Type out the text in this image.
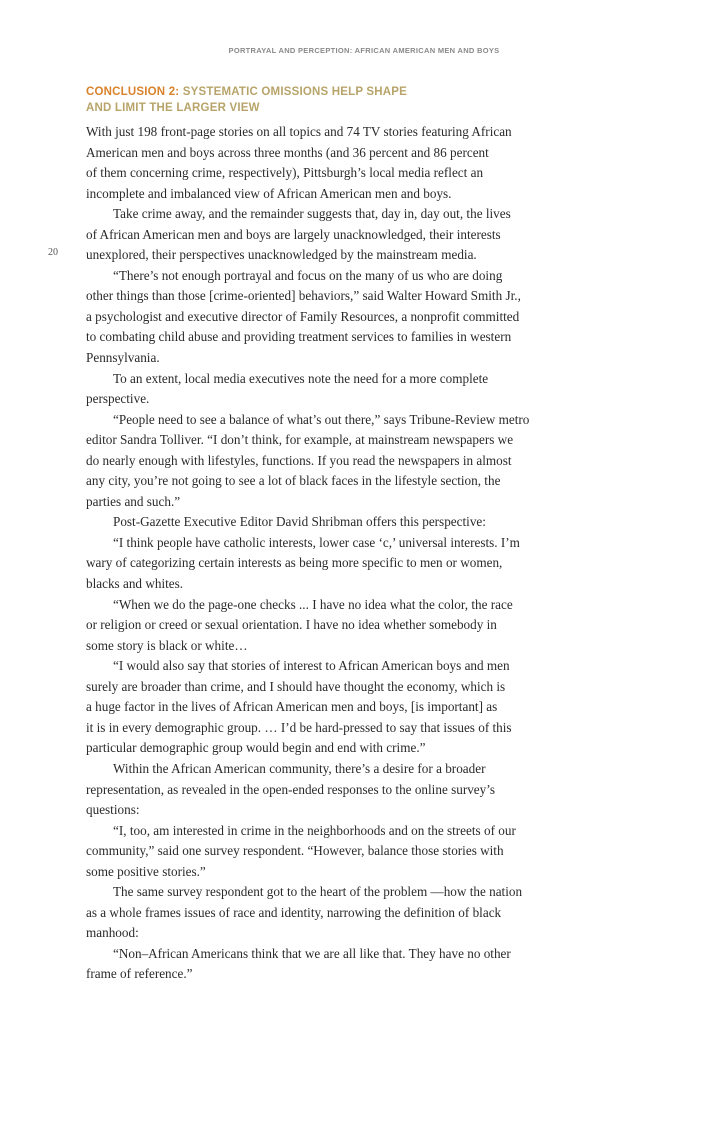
PORTRAYAL AND PERCEPTION: AFRICAN AMERICAN MEN AND BOYS
CONCLUSION 2: SYSTEMATIC OMISSIONS HELP SHAPE
AND LIMIT THE LARGER VIEW
20
With just 198 front-page stories on all topics and 74 TV stories featuring African
American men and boys across three months (and 36 percent and 86 percent
of them concerning crime, respectively), Pittsburgh’s local media reflect an
incomplete and imbalanced view of African American men and boys.
Take crime away, and the remainder suggests that, day in, day out, the lives
of African American men and boys are largely unacknowledged, their interests
unexplored, their perspectives unacknowledged by the mainstream media.
“There’s not enough portrayal and focus on the many of us who are doing
other things than those [crime-oriented] behaviors,” said Walter Howard Smith Jr.,
a psychologist and executive director of Family Resources, a nonprofit committed
to combating child abuse and providing treatment services to families in western
Pennsylvania.
To an extent, local media executives note the need for a more complete
perspective.
“People need to see a balance of what’s out there,” says Tribune-Review metro
editor Sandra Tolliver. “I don’t think, for example, at mainstream newspapers we
do nearly enough with lifestyles, functions. If you read the newspapers in almost
any city, you’re not going to see a lot of black faces in the lifestyle section, the
parties and such.”
Post-Gazette Executive Editor David Shribman offers this perspective:
“I think people have catholic interests, lower case ‘c,’ universal interests. I’m
wary of categorizing certain interests as being more specific to men or women,
blacks and whites.
“When we do the page-one checks ... I have no idea what the color, the race
or religion or creed or sexual orientation. I have no idea whether somebody in
some story is black or white…
“I would also say that stories of interest to African American boys and men
surely are broader than crime, and I should have thought the economy, which is
a huge factor in the lives of African American men and boys, [is important] as
it is in every demographic group. … I’d be hard-pressed to say that issues of this
particular demographic group would begin and end with crime.”
Within the African American community, there’s a desire for a broader
representation, as revealed in the open-ended responses to the online survey’s
questions:
“I, too, am interested in crime in the neighborhoods and on the streets of our
community,” said one survey respondent. “However, balance those stories with
some positive stories.”
The same survey respondent got to the heart of the problem —how the nation
as a whole frames issues of race and identity, narrowing the definition of black
manhood:
“Non–African Americans think that we are all like that. They have no other
frame of reference.”
